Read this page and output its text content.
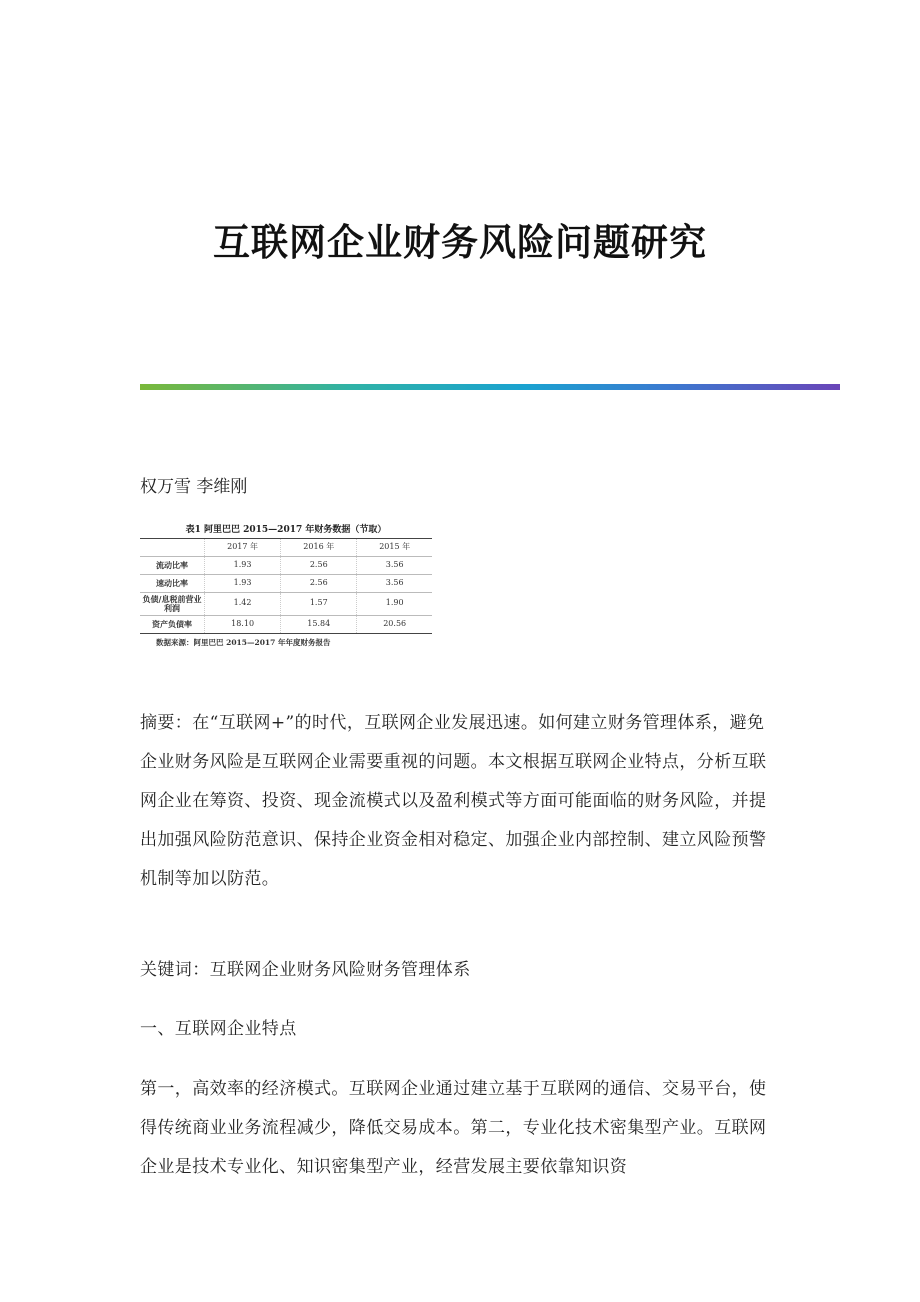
互联网企业财务风险问题研究
权万雪 李维刚
表1 阿里巴巴 2015—2017 年财务数据（节取）
	2017 年	2016 年	2015 年
流动比率	1.93	2.56	3.56
速动比率	1.93	2.56	3.56
负债/息税前营业利润	1.42	1.57	1.90
资产负债率	18.10	15.84	20.56
数据来源：阿里巴巴 2015—2017 年年度财务报告

摘要：在“互联网+”的时代，互联网企业发展迅速。如何建立财务管理体系，避免企业财务风险是互联网企业需要重视的问题。本文根据互联网企业特点，分析互联网企业在筹资、投资、现金流模式以及盈利模式等方面可能面临的财务风险，并提出加强风险防范意识、保持企业资金相对稳定、加强企业内部控制、建立风险预警机制等加以防范。

关键词：互联网企业财务风险财务管理体系

一、互联网企业特点

第一，高效率的经济模式。互联网企业通过建立基于互联网的通信、交易平台，使得传统商业业务流程减少，降低交易成本。第二，专业化技术密集型产业。互联网企业是技术专业化、知识密集型产业，经营发展主要依靠知识资
